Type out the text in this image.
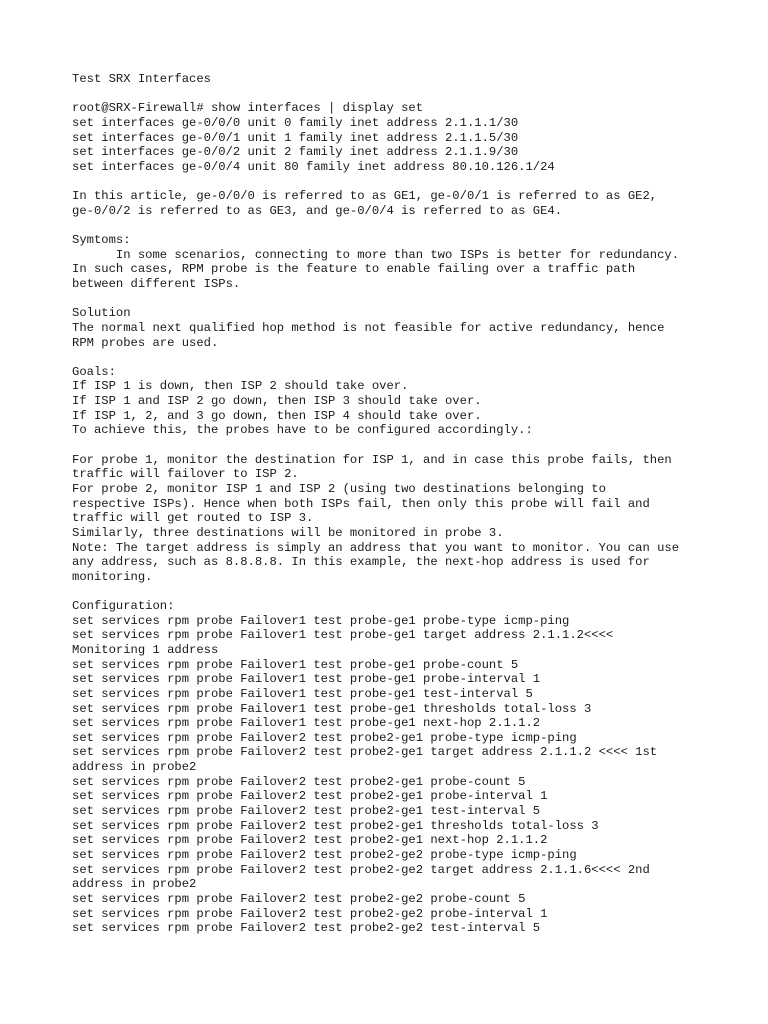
Test SRX Interfaces
root@SRX-Firewall# show interfaces | display set
set interfaces ge-0/0/0 unit 0 family inet address 2.1.1.1/30
set interfaces ge-0/0/1 unit 1 family inet address 2.1.1.5/30
set interfaces ge-0/0/2 unit 2 family inet address 2.1.1.9/30
set interfaces ge-0/0/4 unit 80 family inet address 80.10.126.1/24
In this article, ge-0/0/0 is referred to as GE1, ge-0/0/1 is referred to as GE2,
ge-0/0/2 is referred to as GE3, and ge-0/0/4 is referred to as GE4.
Symtoms:
In some scenarios, connecting to more than two ISPs is better for redundancy.
In such cases, RPM probe is the feature to enable failing over a traffic path
between different ISPs.
Solution
The normal next qualified hop method is not feasible for active redundancy, hence
RPM probes are used.
Goals:
If ISP 1 is down, then ISP 2 should take over.
If ISP 1 and ISP 2 go down, then ISP 3 should take over.
If ISP 1, 2, and 3 go down, then ISP 4 should take over.
To achieve this, the probes have to be configured accordingly.:
For probe 1, monitor the destination for ISP 1, and in case this probe fails, then
traffic will failover to ISP 2.
For probe 2, monitor ISP 1 and ISP 2 (using two destinations belonging to
respective ISPs). Hence when both ISPs fail, then only this probe will fail and
traffic will get routed to ISP 3.
Similarly, three destinations will be monitored in probe 3.
Note: The target address is simply an address that you want to monitor. You can use
any address, such as 8.8.8.8. In this example, the next-hop address is used for
monitoring.
Configuration:
set services rpm probe Failover1 test probe-ge1 probe-type icmp-ping
set services rpm probe Failover1 test probe-ge1 target address 2.1.1.2<<<<
Monitoring 1 address
set services rpm probe Failover1 test probe-ge1 probe-count 5
set services rpm probe Failover1 test probe-ge1 probe-interval 1
set services rpm probe Failover1 test probe-ge1 test-interval 5
set services rpm probe Failover1 test probe-ge1 thresholds total-loss 3
set services rpm probe Failover1 test probe-ge1 next-hop 2.1.1.2
set services rpm probe Failover2 test probe2-ge1 probe-type icmp-ping
set services rpm probe Failover2 test probe2-ge1 target address 2.1.1.2 <<<< 1st
address in probe2
set services rpm probe Failover2 test probe2-ge1 probe-count 5
set services rpm probe Failover2 test probe2-ge1 probe-interval 1
set services rpm probe Failover2 test probe2-ge1 test-interval 5
set services rpm probe Failover2 test probe2-ge1 thresholds total-loss 3
set services rpm probe Failover2 test probe2-ge1 next-hop 2.1.1.2
set services rpm probe Failover2 test probe2-ge2 probe-type icmp-ping
set services rpm probe Failover2 test probe2-ge2 target address 2.1.1.6<<<< 2nd
address in probe2
set services rpm probe Failover2 test probe2-ge2 probe-count 5
set services rpm probe Failover2 test probe2-ge2 probe-interval 1
set services rpm probe Failover2 test probe2-ge2 test-interval 5
